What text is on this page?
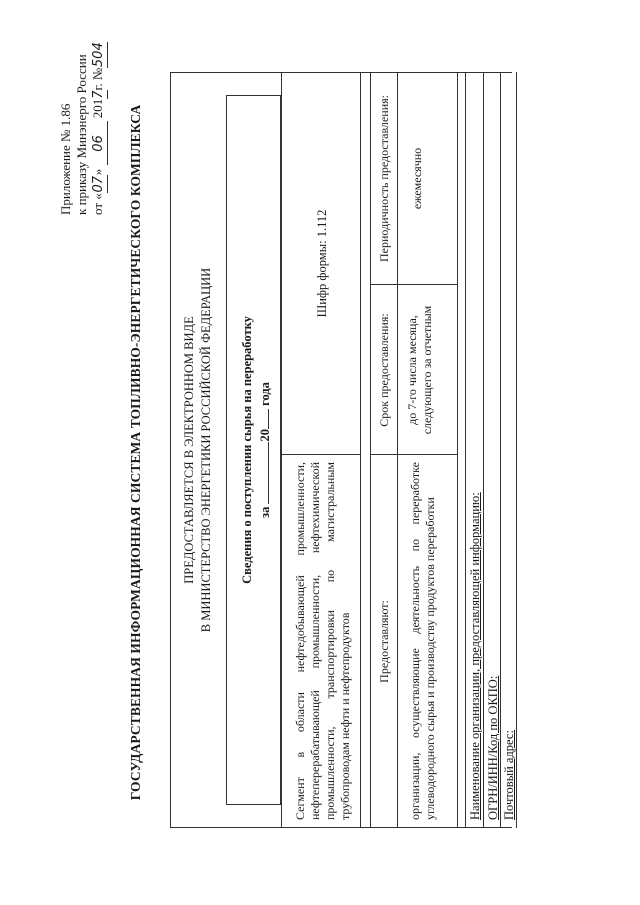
Приложение № 1.86 к приказу Минэнерго России от «07» 06 2017г. №504
ГОСУДАРСТВЕННАЯ ИНФОРМАЦИОННАЯ СИСТЕМА ТОПЛИВНО-ЭНЕРГЕТИЧЕСКОГО КОМПЛЕКСА	ПРЕДОСТАВЛЯЕТСЯ В ЭЛЕКТРОННОМ ВИДЕ В МИНИСТЕРСТВО ЭНЕРГЕТИКИ РОССИЙСКОЙ ФЕДЕРАЦИИ Сведения о поступлении сырья на переработку за 20 года
Сегмент в области нефтедобывающей промышленности, нефтеперерабатывающей промышленности, нефтехимической промышленности, транспортировки по магистральным трубопроводам нефти и нефтепродуктов
Шифр формы: 1.112
Предоставляют:
Срок предоставления:
Периодичность предоставления:
организации, осуществляющие деятельность по переработке углеводородного сырья и производству продуктов переработки
до 7-го числа месяца, следующего за отчетным
ежемесячно
Наименование организации, предоставляющей информацию: ОГРН/ИНН/Код по ОКПО: Почтовый адрес:
